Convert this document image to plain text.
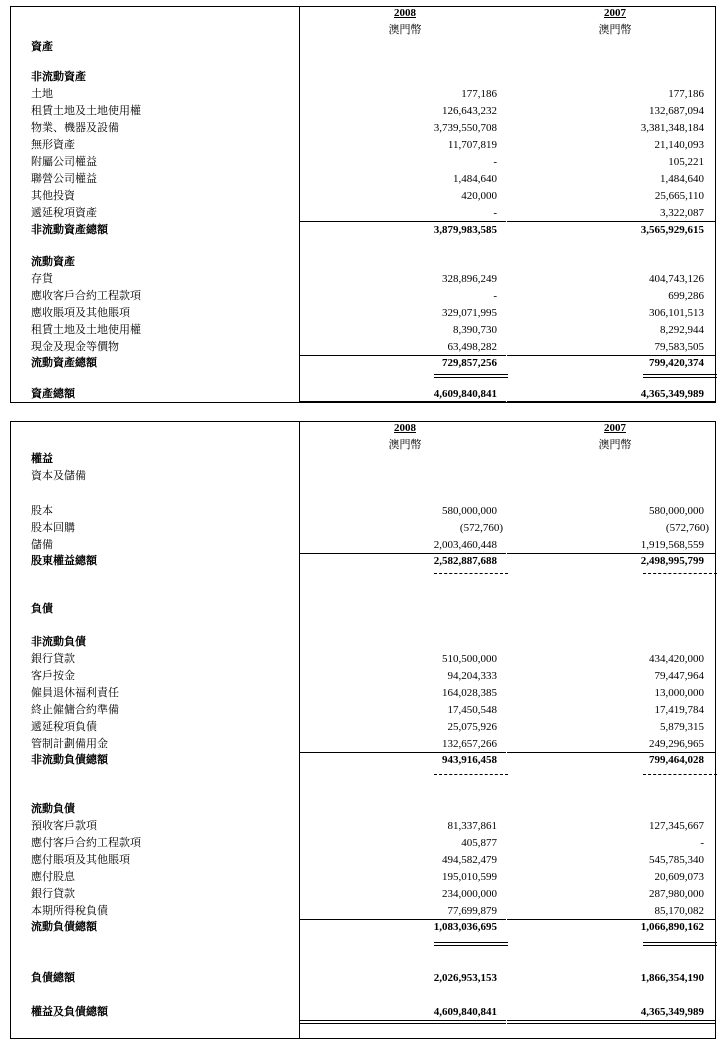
2008
澳門幣
2007
澳門幣
資產
非流動資產
土地	177,186	177,186
租賃土地及土地使用權	126,643,232	132,687,094
物業、機器及設備	3,739,550,708	3,381,348,184
無形資產	11,707,819	21,140,093
附屬公司權益	-	105,221
聯營公司權益	1,484,640	1,484,640
其他投資	420,000	25,665,110
遞延稅項資產	-	3,322,087
非流動資產總額	3,879,983,585	3,565,929,615
流動資產
存貨	328,896,249	404,743,126
應收客戶合約工程款項	-	699,286
應收賬項及其他賬項	329,071,995	306,101,513
租賃土地及土地使用權	8,390,730	8,292,944
現金及現金等價物	63,498,282	79,583,505
流動資產總額	729,857,256	799,420,374
資產總額	4,609,840,841	4,365,349,989
2008
澳門幣
2007
澳門幣
權益
資本及儲備
股本	580,000,000	580,000,000
股本回購	(572,760)	(572,760)
儲備	2,003,460,448	1,919,568,559
股東權益總額	2,582,887,688	2,498,995,799
負債
非流動負債
銀行貸款	510,500,000	434,420,000
客戶按金	94,204,333	79,447,964
僱員退休福利責任	164,028,385	13,000,000
終止僱傭合約準備	17,450,548	17,419,784
遞延稅項負債	25,075,926	5,879,315
管制計劃備用金	132,657,266	249,296,965
非流動負債總額	943,916,458	799,464,028
流動負債
預收客戶款項	81,337,861	127,345,667
應付客戶合約工程款項	405,877	-
應付賬項及其他賬項	494,582,479	545,785,340
應付股息	195,010,599	20,609,073
銀行貸款	234,000,000	287,980,000
本期所得稅負債	77,699,879	85,170,082
流動負債總額	1,083,036,695	1,066,890,162
負債總額	2,026,953,153	1,866,354,190
權益及負債總額	4,609,840,841	4,365,349,989
